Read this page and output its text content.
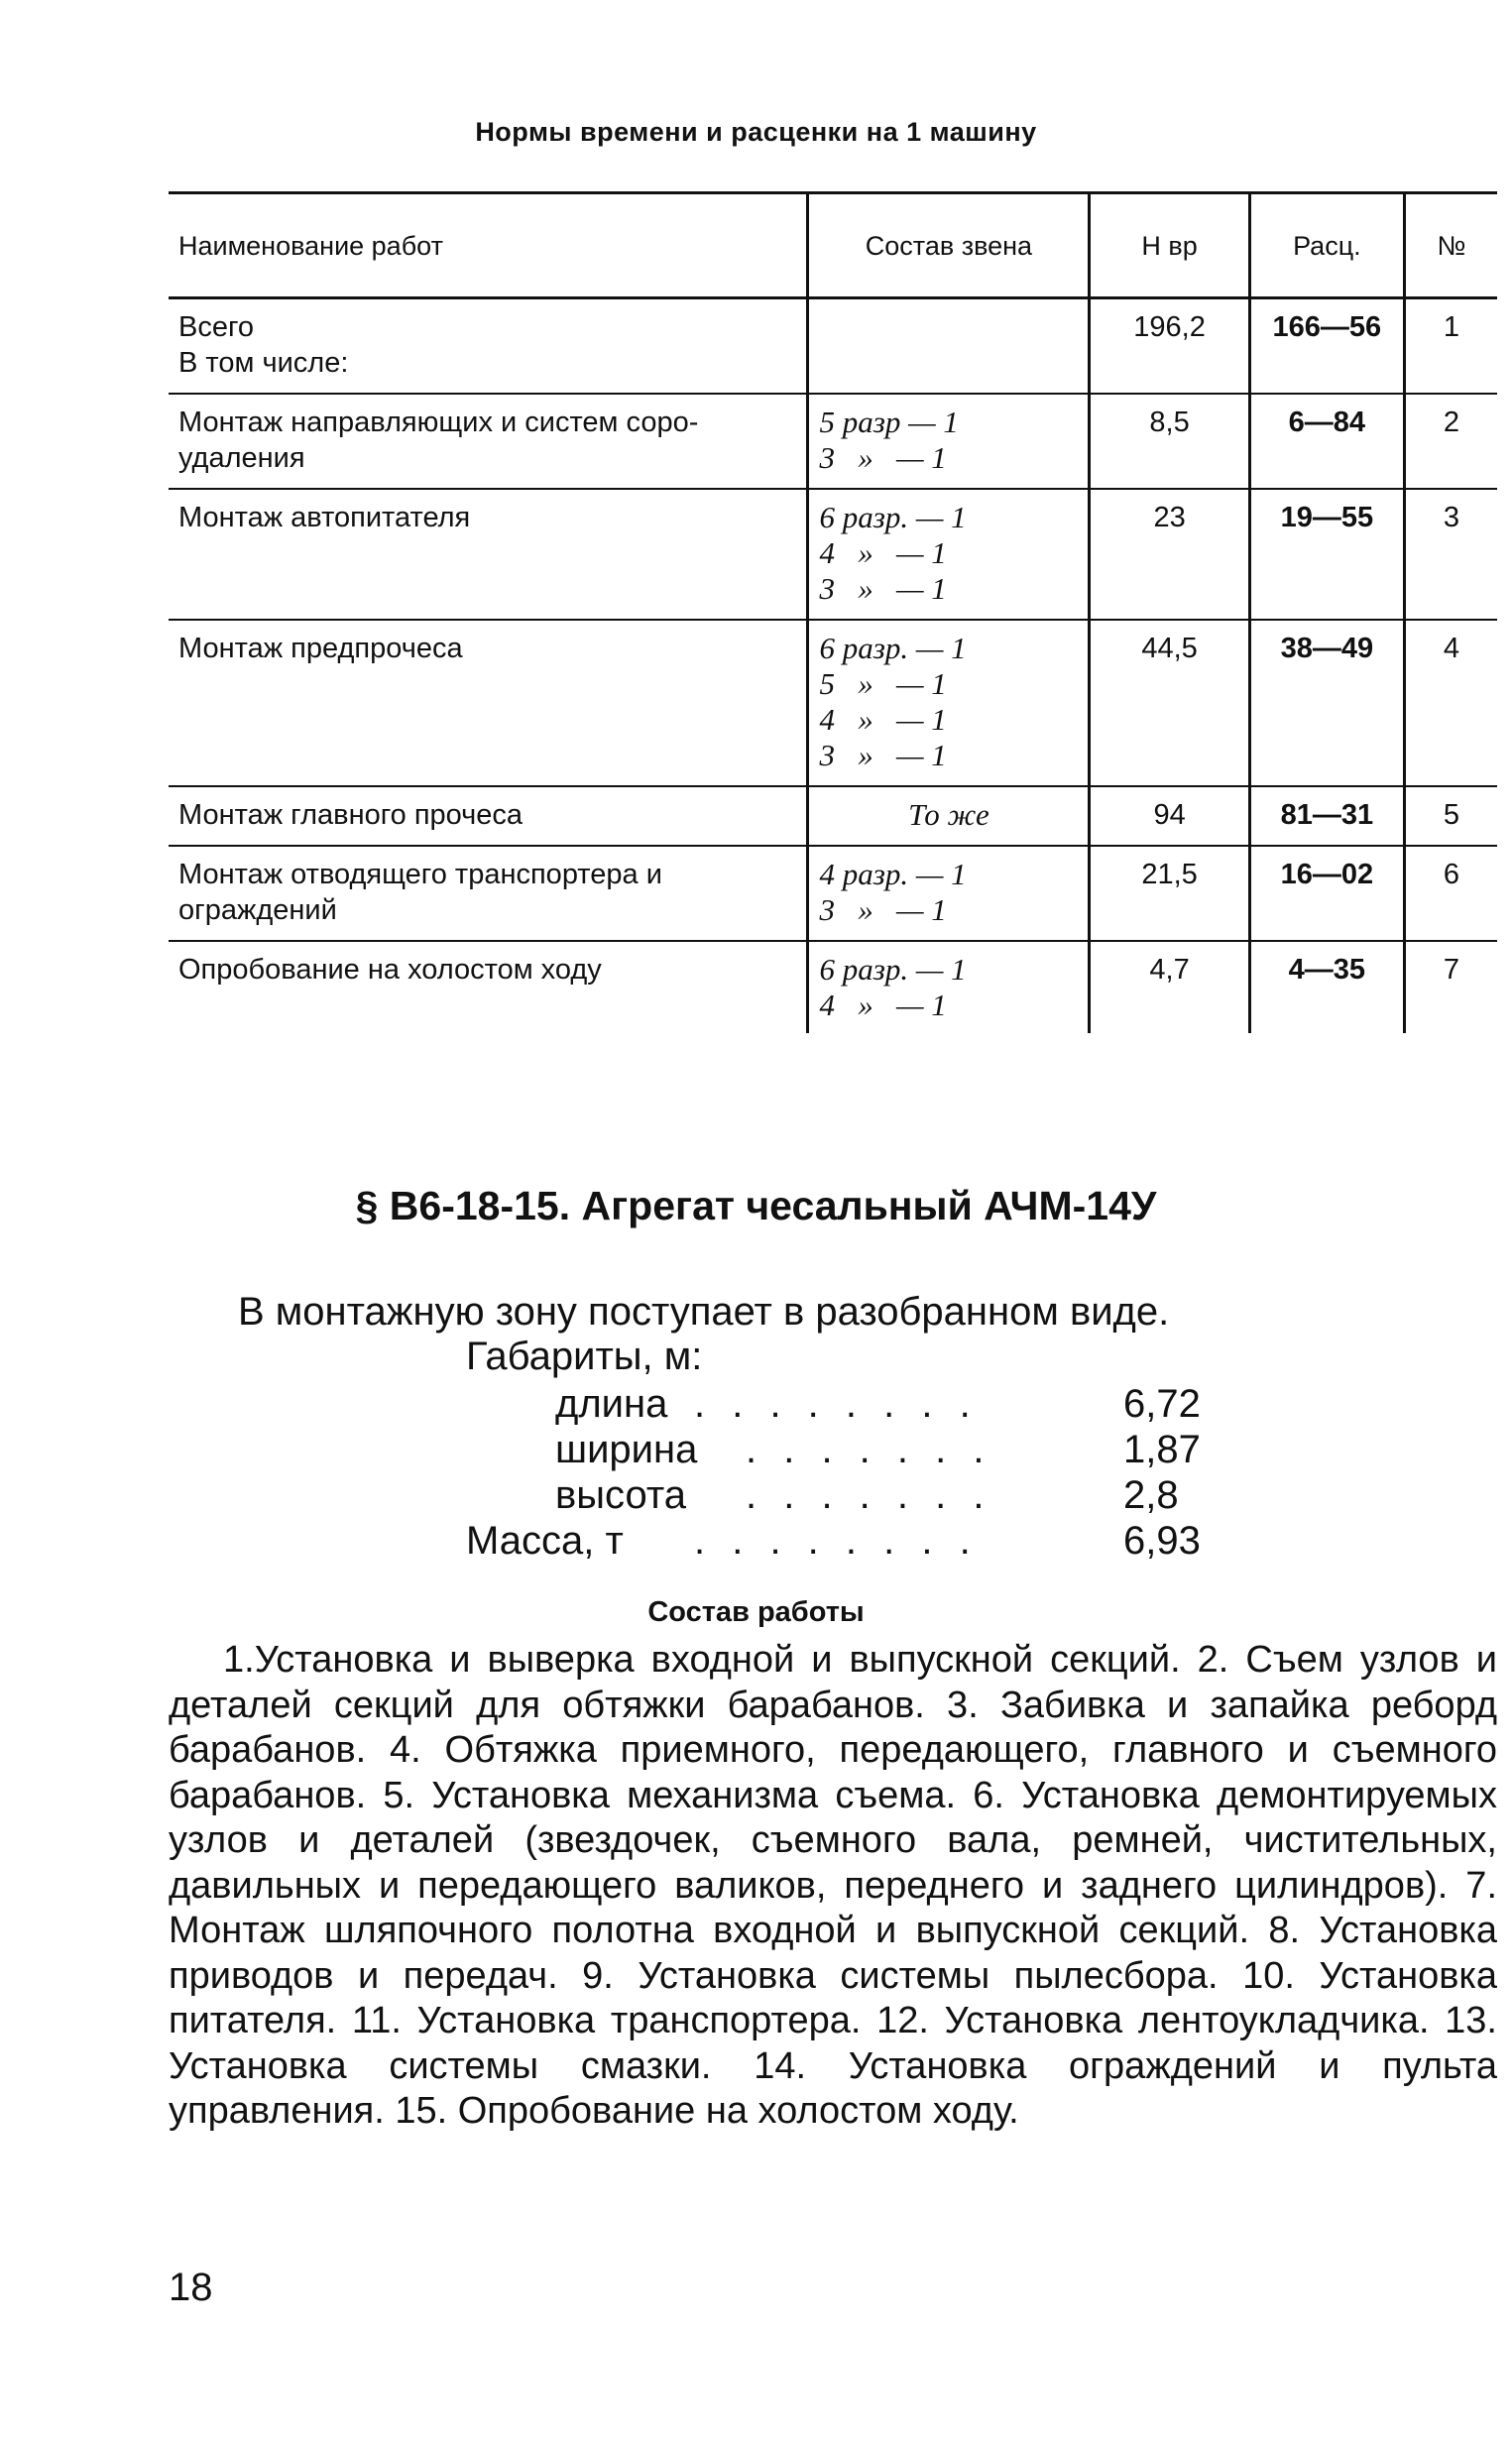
Нормы времени и расценки на 1 машину
Наименование работ	Состав звена	Н вр	Расц.	№

Всего
В том числе:		196,2	166—56	1

Монтаж направляющих и систем соро-
удаления	5 разр — 1
3   »   — 1	8,5	6—84	2

Монтаж автопитателя	6 разр. — 1
4   »   — 1
3   »   — 1	23	19—55	3

Монтаж предпрочеса	6 разр. — 1
5   »   — 1
4   »   — 1
3   »   — 1	44,5	38—49	4

Монтаж главного прочеса	То же	94	81—31	5

Монтаж отводящего транспортера и
ограждений	4 разр. — 1
3   »   — 1	21,5	16—02	6

Опробование на холостом ходу	6 разр. — 1
4   »   — 1	4,7	4—35	7
§ В6-18-15. Агрегат чесальный АЧМ-14У
В монтажную зону поступает в разобранном виде.
Габариты, м:
длина . . . . . . . .	6,72
ширина . . . . . . .	1,87
высота . . . . . . .	2,8
Масса, т . . . . . . . .	6,93
Состав работы
1.Установка и выверка входной и выпускной секций. 2. Съем узлов и деталей секций для обтяжки барабанов. 3. Забивка и запайка реборд барабанов. 4. Обтяжка приемного, передающего, главного и съемного барабанов. 5. Установка механизма съема. 6. Установка демонтируемых узлов и деталей (звездочек, съемного вала, ремней, чистительных, давильных и передающего валиков, переднего и заднего цилиндров). 7. Монтаж шляпочного полотна входной и выпускной секций. 8. Установка приводов и передач. 9. Установка системы пылесбора. 10. Установка питателя. 11. Установка транспортера. 12. Установка лентоукладчика. 13. Установка системы смазки. 14. Установка ограждений и пульта управления. 15. Опробование на холостом ходу.
18
